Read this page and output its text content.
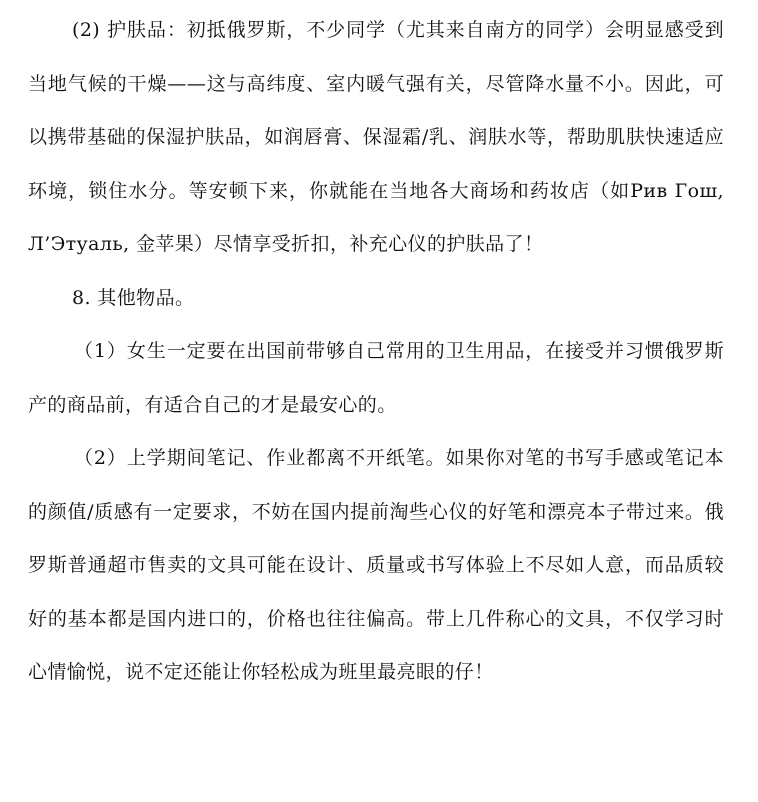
(2) 护肤品：初抵俄罗斯，不少同学（尤其来自南方的同学）会明显感受到当地气候的干燥——这与高纬度、室内暖气强有关，尽管降水量不小。因此，可以携带基础的保湿护肤品，如润唇膏、保湿霜/乳、润肤水等，帮助肌肤快速适应环境，锁住水分。等安顿下来，你就能在当地各大商场和药妆店（如Рив Гош, Л’Этуаль, 金苹果）尽情享受折扣，补充心仪的护肤品了！

8. 其他物品。

（1）女生一定要在出国前带够自己常用的卫生用品，在接受并习惯俄罗斯产的商品前，有适合自己的才是最安心的。

（2）上学期间笔记、作业都离不开纸笔。如果你对笔的书写手感或笔记本的颜值/质感有一定要求，不妨在国内提前淘些心仪的好笔和漂亮本子带过来。俄罗斯普通超市售卖的文具可能在设计、质量或书写体验上不尽如人意，而品质较好的基本都是国内进口的，价格也往往偏高。带上几件称心的文具，不仅学习时心情愉悦，说不定还能让你轻松成为班里最亮眼的仔！
